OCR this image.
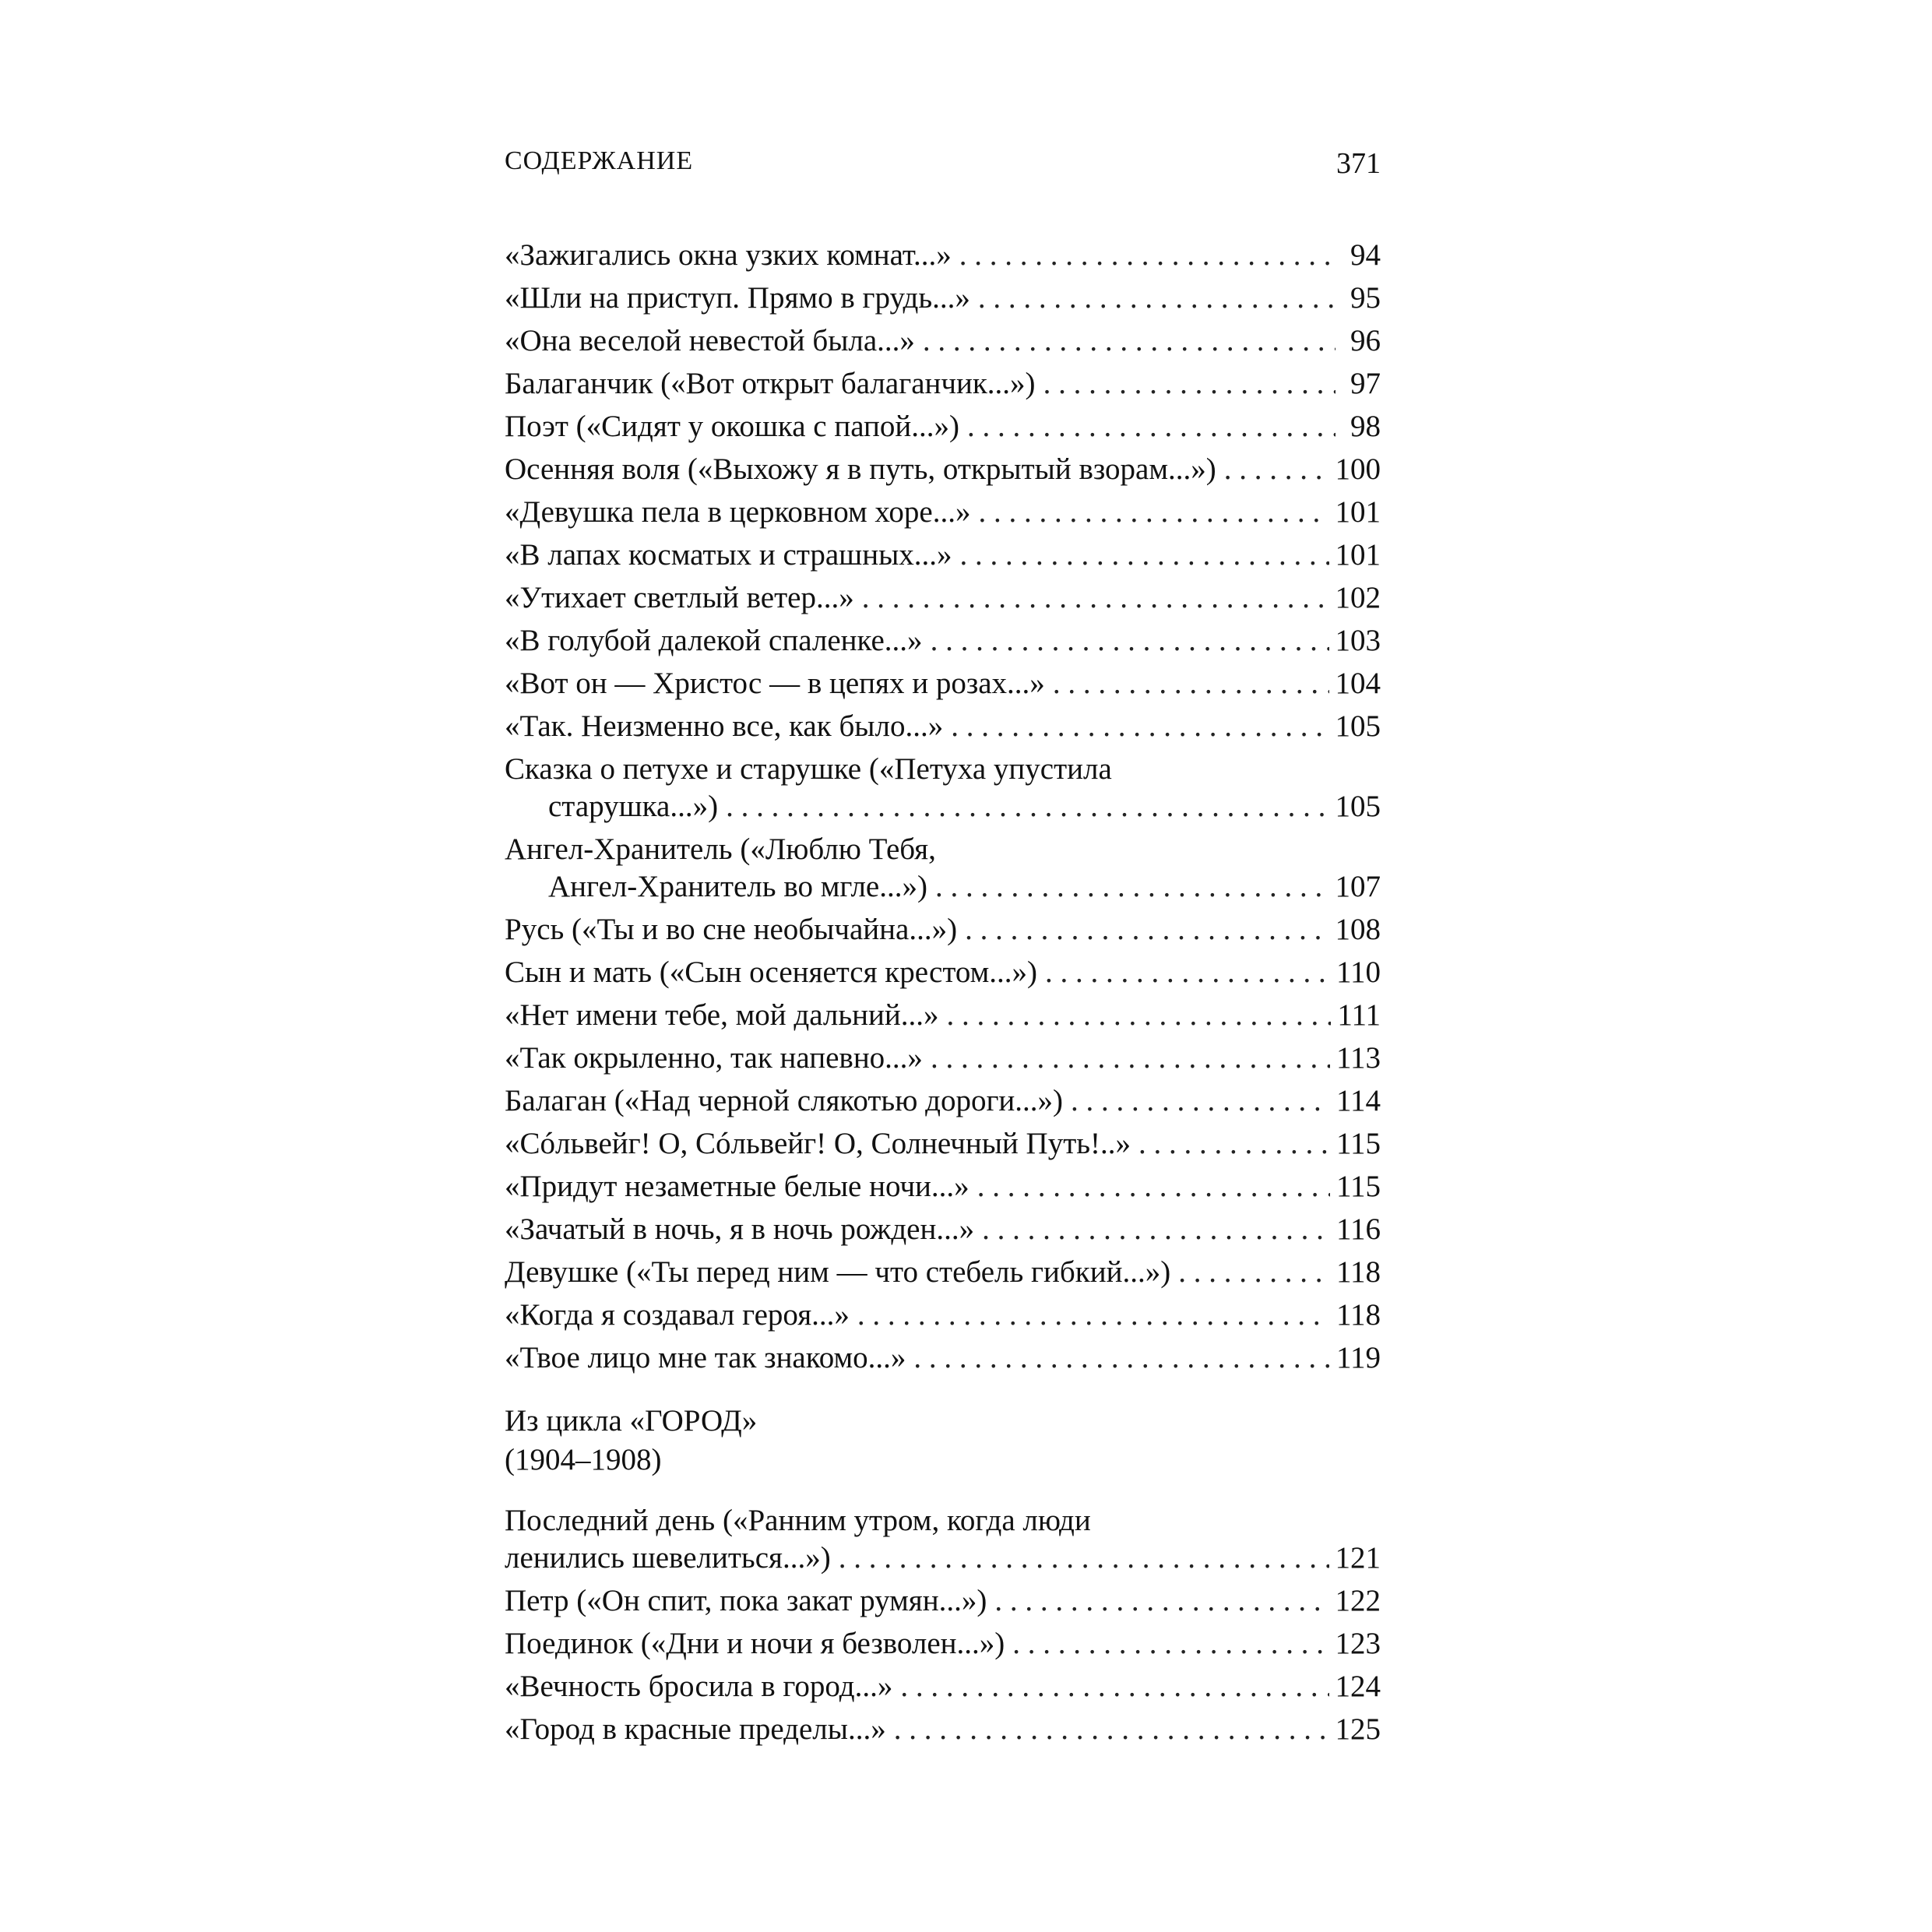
СОДЕРЖАНИЕ	371
«Зажигались окна узких комнат...» . . .	94
«Шли на приступ. Прямо в грудь...» . . .	95
«Она веселой невестой была...» . . .	96
Балаганчик («Вот открыт балаганчик...») . . .	97
Поэт («Сидят у окошка с папой...») . . .	98
Осенняя воля («Выхожу я в путь, открытый взорам...») . . .	100
«Девушка пела в церковном хоре...» . . .	101
«В лапах косматых и страшных...» . . .	101
«Утихает светлый ветер...» . . .	102
«В голубой далекой спаленке...» . . .	103
«Вот он — Христос — в цепях и розах...» . . .	104
«Так. Неизменно все, как было...» . . .	105
Сказка о петухе и старушке («Петуха упустила
старушка...») . . .	105
Ангел-Хранитель («Люблю Тебя,
Ангел-Хранитель во мгле...») . . .	107
Русь («Ты и во сне необычайна...») . . .	108
Сын и мать («Сын осеняется крестом...») . . .	110
«Нет имени тебе, мой дальний...» . . .	111
«Так окрыленно, так напевно...» . . .	113
Балаган («Над черной слякотью дороги...») . . .	114
«Сóльвейг! О, Сóльвейг! О, Солнечный Путь!..» . . .	115
«Придут незаметные белые ночи...» . . .	115
«Зачатый в ночь, я в ночь рожден...» . . .	116
Девушке («Ты перед ним — что стебель гибкий...») . . .	118
«Когда я создавал героя...» . . .	118
«Твое лицо мне так знакомо...» . . .	119
Из цикла «ГОРОД»
(1904–1908)
Последний день («Ранним утром, когда люди
ленились шевелиться...») . . .	121
Петр («Он спит, пока закат румян...») . . .	122
Поединок («Дни и ночи я безволен...») . . .	123
«Вечность бросила в город...» . . .	124
«Город в красные пределы...» . . .	125
